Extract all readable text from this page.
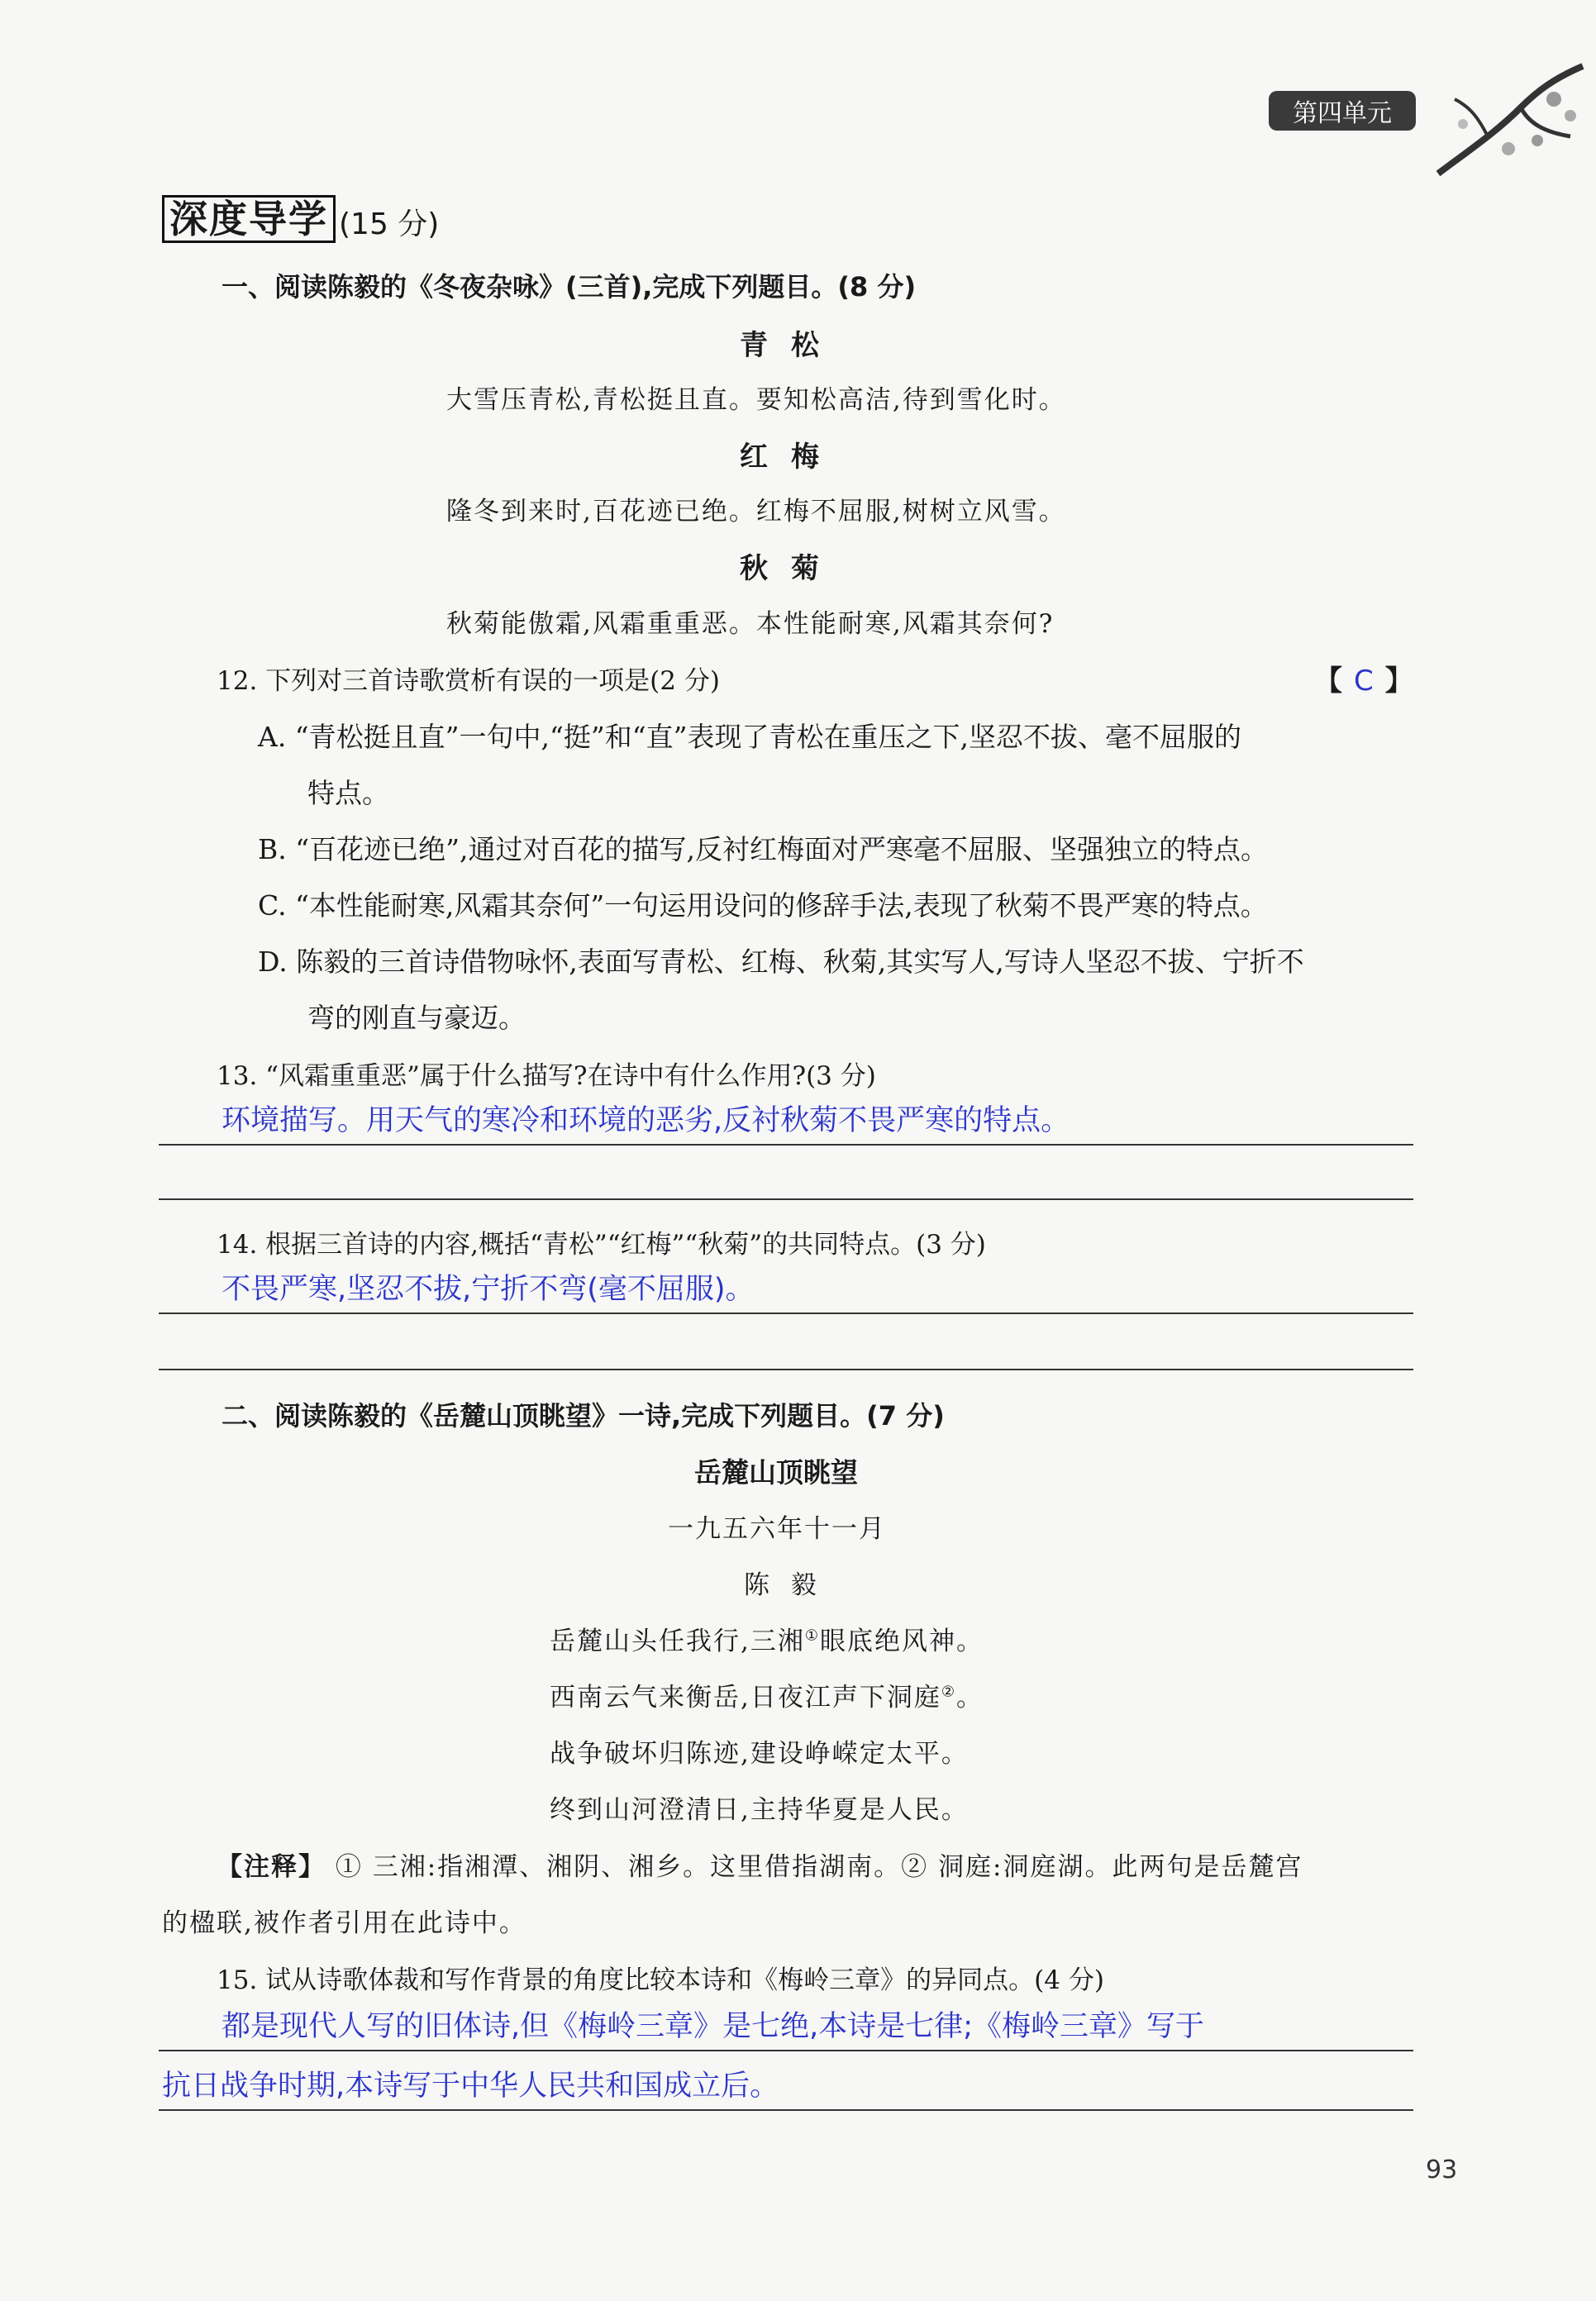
第四单元
深度导学 (15 分)
一、阅读陈毅的《冬夜杂咏》(三首),完成下列题目。(8 分)
青松
大雪压青松,青松挺且直。要知松高洁,待到雪化时。
红梅
隆冬到来时,百花迹已绝。红梅不屈服,树树立风雪。
秋菊
秋菊能傲霜,风霜重重恶。本性能耐寒,风霜其奈何?
12. 下列对三首诗歌赏析有误的一项是(2 分)	【 C 】
A. “青松挺且直”一句中,“挺”和“直”表现了青松在重压之下,坚忍不拔、毫不屈服的
特点。
B. “百花迹已绝”,通过对百花的描写,反衬红梅面对严寒毫不屈服、坚强独立的特点。
C. “本性能耐寒,风霜其奈何”一句运用设问的修辞手法,表现了秋菊不畏严寒的特点。
D. 陈毅的三首诗借物咏怀,表面写青松、红梅、秋菊,其实写人,写诗人坚忍不拔、宁折不
弯的刚直与豪迈。
13. “风霜重重恶”属于什么描写?在诗中有什么作用?(3 分)
环境描写。用天气的寒冷和环境的恶劣,反衬秋菊不畏严寒的特点。
14. 根据三首诗的内容,概括“青松”“红梅”“秋菊”的共同特点。(3 分)
不畏严寒,坚忍不拔,宁折不弯(毫不屈服)。
二、阅读陈毅的《岳麓山顶眺望》一诗,完成下列题目。(7 分)
岳麓山顶眺望
一九五六年十一月
陈  毅
岳麓山头任我行,三湘①眼底绝风神。
西南云气来衡岳,日夜江声下洞庭②。
战争破坏归陈迹,建设峥嵘定太平。
终到山河澄清日,主持华夏是人民。
【注释】 ① 三湘:指湘潭、湘阴、湘乡。这里借指湖南。② 洞庭:洞庭湖。此两句是岳麓宫
的楹联,被作者引用在此诗中。
15. 试从诗歌体裁和写作背景的角度比较本诗和《梅岭三章》的异同点。(4 分)
都是现代人写的旧体诗,但《梅岭三章》是七绝,本诗是七律;《梅岭三章》写于
抗日战争时期,本诗写于中华人民共和国成立后。
93
